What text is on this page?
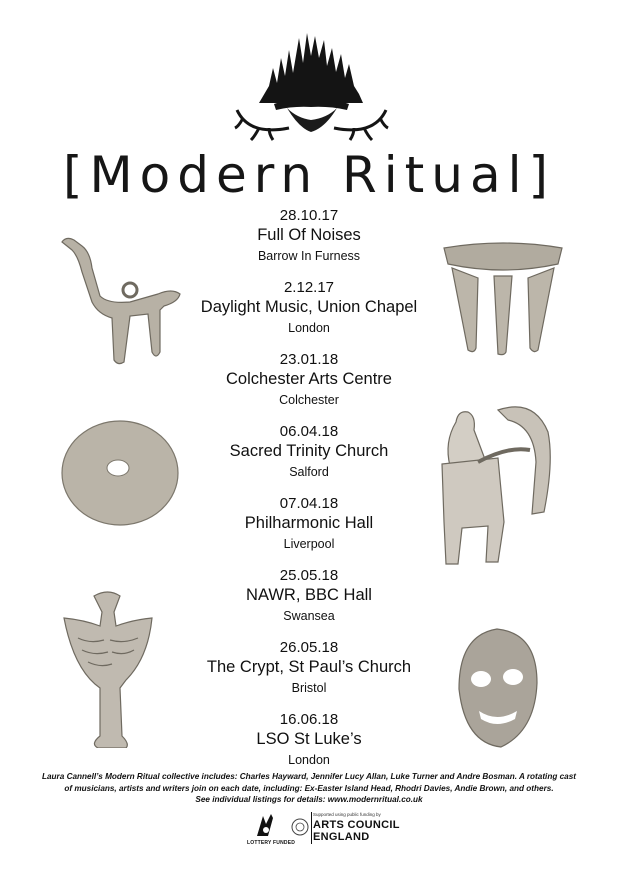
[Modern Ritual]
28.10.17
Full Of Noises
Barrow In Furness
2.12.17
Daylight Music, Union Chapel
London
23.01.18
Colchester Arts Centre
Colchester
06.04.18
Sacred Trinity Church
Salford
07.04.18
Philharmonic Hall
Liverpool
25.05.18
NAWR, BBC Hall
Swansea
26.05.18
The Crypt, St Paul’s Church
Bristol
16.06.18
LSO St Luke’s
London
Laura Cannell’s Modern Ritual collective includes: Charles Hayward, Jennifer Lucy Allan, Luke Turner and Andre Bosman. A rotating cast
of musicians, artists and writers join on each date, including: Ex-Easter Island Head, Rhodri Davies, Andie Brown, and others.
See individual listings for details: www.modernritual.co.uk
LOTTERY FUNDED
Supported using public funding by
ARTS COUNCIL
ENGLAND
